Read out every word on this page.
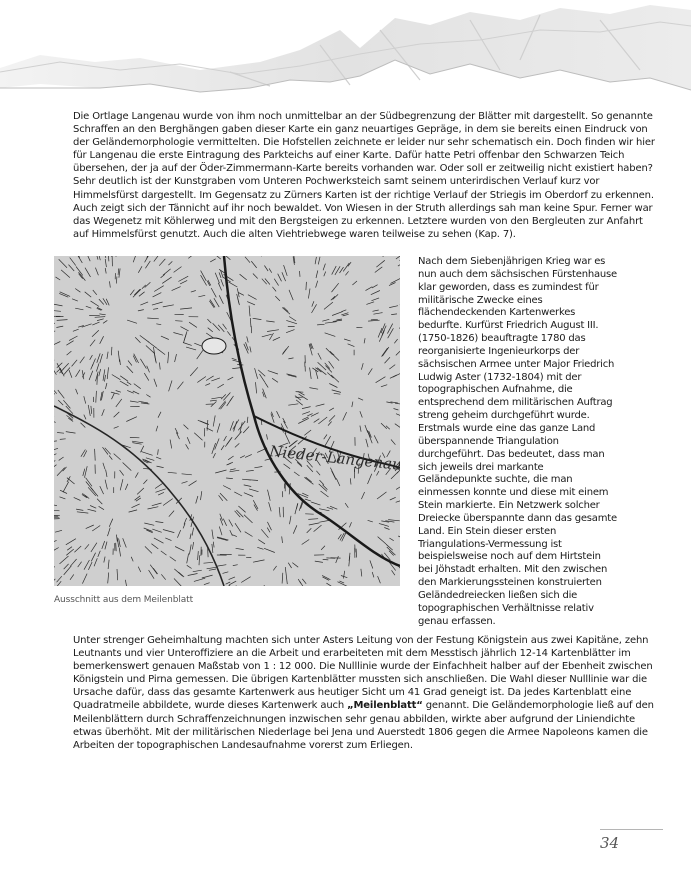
Die Ortlage Langenau wurde von ihm noch unmittelbar an der Südbegrenzung der Blätter mit dargestellt. So genannte Schraffen an den Berghängen gaben dieser Karte ein ganz neuartiges Gepräge, in dem sie bereits einen Eindruck von der Geländemorphologie vermittelten. Die Hofstellen zeichnete er leider nur sehr schematisch ein. Doch finden wir hier für Langenau die erste Eintragung des Parkteichs auf einer Karte. Dafür hatte Petri offenbar den Schwarzen Teich übersehen, der ja auf der Öder-Zimmermann-Karte bereits vorhanden war. Oder soll er zeitweilig nicht existiert haben? Sehr deutlich ist der Kunstgraben vom Unteren Pochwerksteich samt seinem unterirdischen Verlauf kurz vor Himmelsfürst dargestellt. Im Gegensatz zu Zürners Karten ist der richtige Verlauf der Striegis im Oberdorf zu erkennen. Auch zeigt sich der Tännicht auf ihr noch bewaldet. Von Wiesen in der Struth allerdings sah man keine Spur. Ferner war das Wegenetz mit Köhlerweg und mit den Bergsteigen zu erkennen. Letztere wurden von den Bergleuten zur Anfahrt auf Himmelsfürst genutzt. Auch die alten Viehtriebwege waren teilweise zu sehen (Kap. 7).

Nieder-Langenau

Ausschnitt aus dem Meilenblatt

Nach dem Siebenjährigen Krieg war es nun auch dem sächsischen Fürstenhause klar geworden, dass es zumindest für militärische Zwecke eines flächendeckenden Kartenwerkes bedurfte. Kurfürst Friedrich August III. (1750-1826) beauftragte 1780 das reorganisierte Ingenieurkorps der sächsischen Armee unter Major Friedrich Ludwig Aster (1732-1804) mit der topographischen Aufnahme, die entsprechend dem militärischen Auftrag streng geheim durchgeführt wurde. Erstmals wurde eine das ganze Land überspannende Triangulation durchgeführt. Das bedeutet, dass man sich jeweils drei markante Geländepunkte suchte, die man einmessen konnte und diese mit einem Stein markierte. Ein Netzwerk solcher Dreiecke überspannte dann das gesamte Land. Ein Stein dieser ersten Triangulations-Vermessung ist beispielsweise noch auf dem Hirtstein bei Jöhstadt erhalten. Mit den zwischen den Markierungssteinen konstruierten Geländedreiecken ließen sich die topographischen Verhältnisse relativ genau erfassen.

Unter strenger Geheimhaltung machten sich unter Asters Leitung von der Festung Königstein aus zwei Kapitäne, zehn Leutnants und vier Unteroffiziere an die Arbeit und erarbeiteten mit dem Messtisch jährlich 12-14 Kartenblätter im bemerkenswert genauen Maßstab von 1 : 12 000. Die Nulllinie wurde der Einfachheit halber auf der Ebenheit zwischen Königstein und Pirna gemessen. Die übrigen Kartenblätter mussten sich anschließen. Die Wahl dieser Nulllinie war die Ursache dafür, dass das gesamte Kartenwerk aus heutiger Sicht um 41 Grad geneigt ist. Da jedes Kartenblatt eine Quadratmeile abbildete, wurde dieses Kartenwerk auch „Meilenblatt“ genannt. Die Geländemorphologie ließ auf den Meilenblättern durch Schraffenzeichnungen inzwischen sehr genau abbilden, wirkte aber aufgrund der Liniendichte etwas überhöht. Mit der militärischen Niederlage bei Jena und Auerstedt 1806 gegen die Armee Napoleons kamen die Arbeiten der topographischen Landesaufnahme vorerst zum Erliegen.

34
